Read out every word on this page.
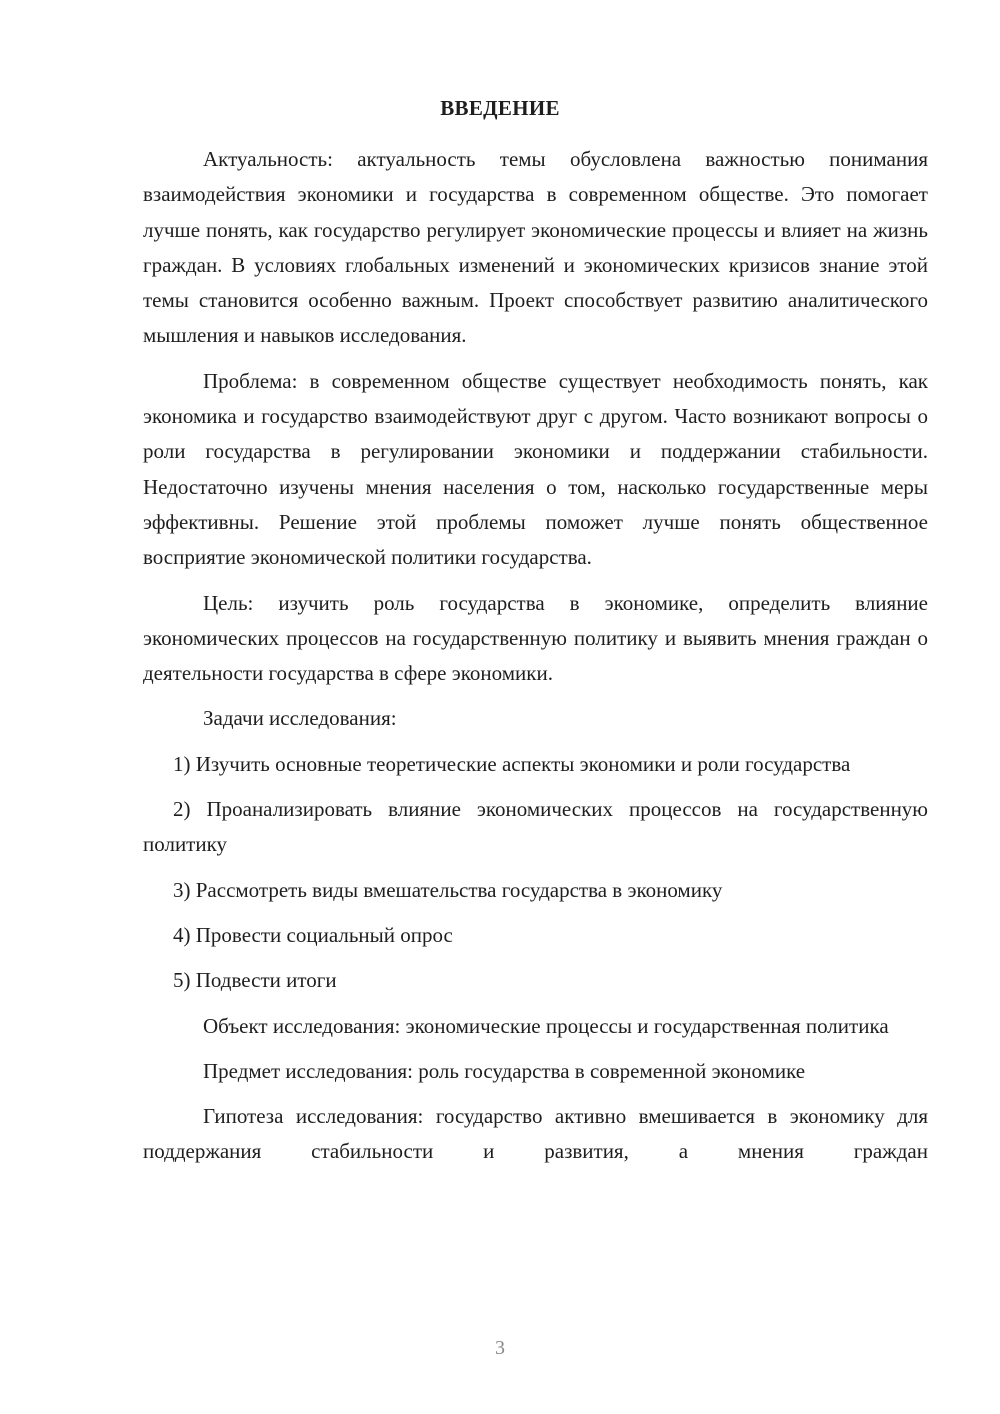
ВВЕДЕНИЕ

Актуальность: актуальность темы обусловлена важностью понимания взаимодействия экономики и государства в современном обществе. Это помогает лучше понять, как государство регулирует экономические процессы и влияет на жизнь граждан. В условиях глобальных изменений и экономических кризисов знание этой темы становится особенно важным. Проект способствует развитию аналитического мышления и навыков исследования.

Проблема: в современном обществе существует необходимость понять, как экономика и государство взаимодействуют друг с другом. Часто возникают вопросы о роли государства в регулировании экономики и поддержании стабильности. Недостаточно изучены мнения населения о том, насколько государственные меры эффективны. Решение этой проблемы поможет лучше понять общественное восприятие экономической политики государства.

Цель: изучить роль государства в экономике, определить влияние экономических процессов на государственную политику и выявить мнения граждан о деятельности государства в сфере экономики.

Задачи исследования:

1) Изучить основные теоретические аспекты экономики и роли государства

2) Проанализировать влияние экономических процессов на государственную политику

3) Рассмотреть виды вмешательства государства в экономику

4) Провести социальный опрос

5) Подвести итоги

Объект исследования: экономические процессы и государственная политика

Предмет исследования: роль государства в современной экономике

Гипотеза исследования: государство активно вмешивается в экономику для поддержания стабильности и развития, а мнения граждан

3
